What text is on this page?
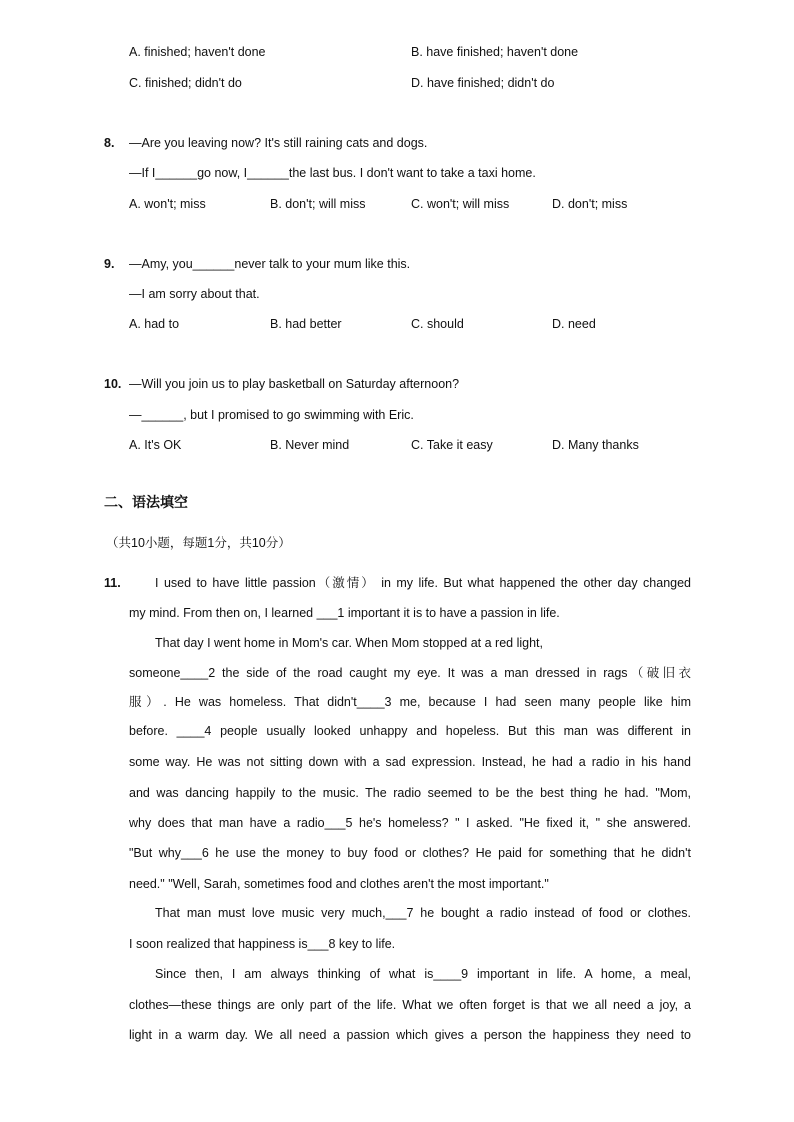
A. finished; haven't done	B. have finished; haven't done
C. finished; didn't do	D. have finished; didn't do
8. —Are you leaving now? It's still raining cats and dogs.
—If I______go now, I______the last bus. I don't want to take a taxi home.
A. won't; miss	B. don't; will miss	C. won't; will miss	D. don't; miss
9. —Amy, you______never talk to your mum like this.
—I am sorry about that.
A. had to	B. had better	C. should	D. need
10. —Will you join us to play basketball on Saturday afternoon?
—______, but I promised to go swimming with Eric.
A. It's OK	B. Never mind	C. Take it easy	D. Many thanks
二、语法填空
（共10小题，每题1分，共10分）
11.	I used to have little passion（激情） in my life. But what happened the other day changed
my mind. From then on, I learned ___1 important it is to have a passion in life.
That day I went home in Mom's car. When Mom stopped at a red light,
someone____2 the side of the road caught my eye. It was a man dressed in rags（破旧衣
服）. He was homeless. That didn't____3 me, because I had seen many people like him
before. ____4 people usually looked unhappy and hopeless. But this man was different in
some way. He was not sitting down with a sad expression. Instead, he had a radio in his hand
and was dancing happily to the music. The radio seemed to be the best thing he had. "Mom,
why does that man have a radio___5 he's homeless? " I asked. "He fixed it, " she answered.
"But why___6 he use the money to buy food or clothes? He paid for something that he didn't
need." "Well, Sarah, sometimes food and clothes aren't the most important."
That man must love music very much,___7 he bought a radio instead of food or clothes.
I soon realized that happiness is___8 key to life.
Since then, I am always thinking of what is____9 important in life. A home, a meal,
clothes—these things are only part of the life. What we often forget is that we all need a joy, a
light in a warm day. We all need a passion which gives a person the happiness they need to
